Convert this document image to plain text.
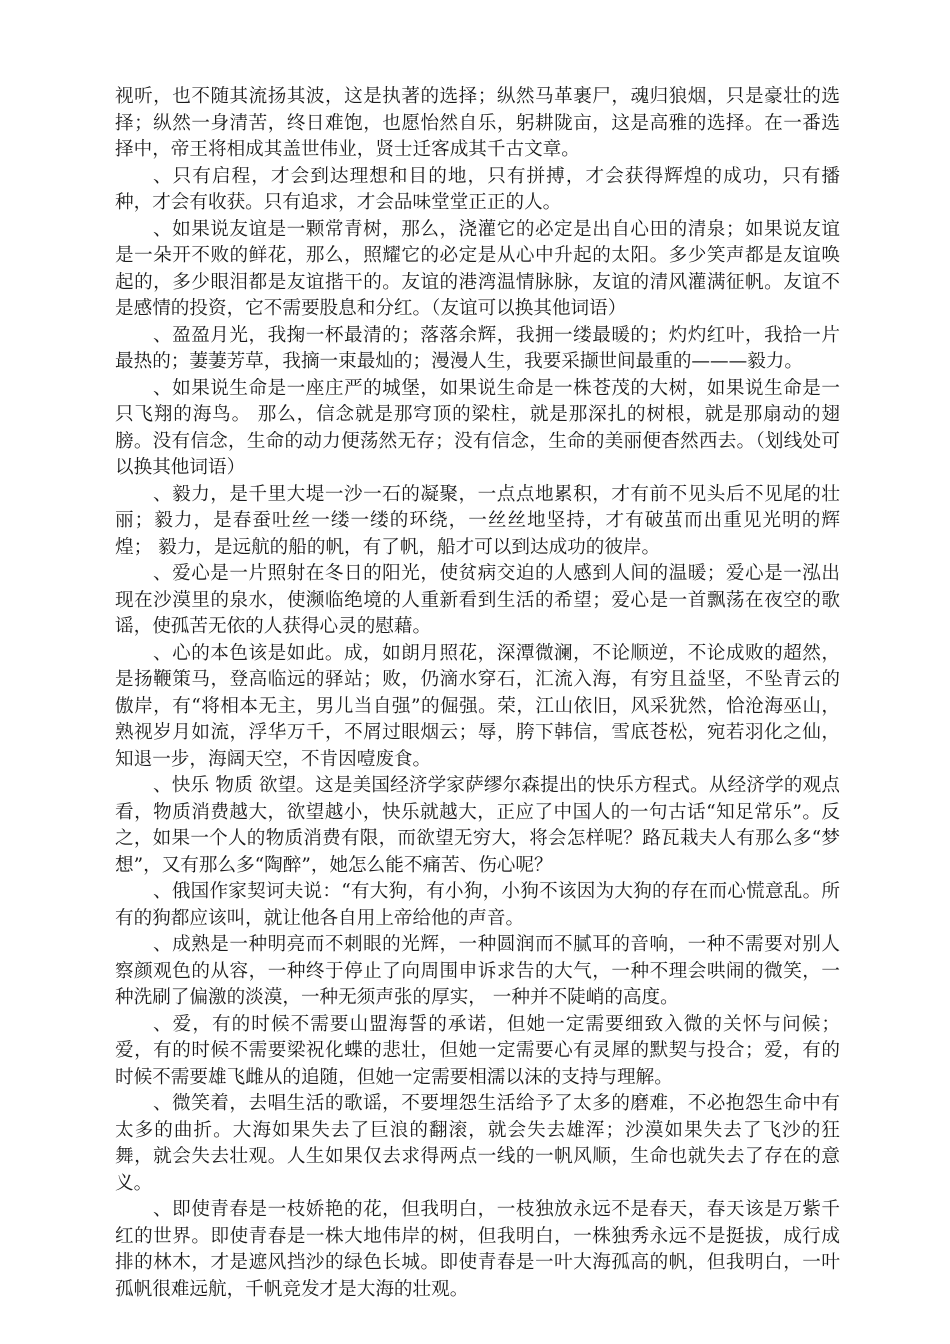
视听，也不随其流扬其波，这是执著的选择；纵然马革裹尸，魂归狼烟，只是豪壮的选择；纵然一身清苦，终日难饱，也愿怡然自乐，躬耕陇亩，这是高雅的选择。在一番选择中，帝王将相成其盖世伟业，贤士迁客成其千古文章。

、只有启程，才会到达理想和目的地，只有拼搏，才会获得辉煌的成功，只有播种，才会有收获。只有追求，才会品味堂堂正正的人。

、如果说友谊是一颗常青树，那么，浇灌它的必定是出自心田的清泉；如果说友谊是一朵开不败的鲜花，那么，照耀它的必定是从心中升起的太阳。多少笑声都是友谊唤起的，多少眼泪都是友谊揩干的。友谊的港湾温情脉脉，友谊的清风灌满征帆。友谊不是感情的投资，它不需要股息和分红。（友谊可以换其他词语）

、盈盈月光，我掬一杯最清的；落落余辉，我拥一缕最暖的；灼灼红叶，我拾一片最热的；萋萋芳草，我摘一束最灿的；漫漫人生，我要采撷世间最重的———毅力。

、如果说生命是一座庄严的城堡，如果说生命是一株苍茂的大树，如果说生命是一只飞翔的海鸟。 那么，信念就是那穹顶的梁柱，就是那深扎的树根，就是那扇动的翅膀。没有信念，生命的动力便荡然无存；没有信念，生命的美丽便杳然西去。（划线处可以换其他词语）

、毅力，是千里大堤一沙一石的凝聚，一点点地累积，才有前不见头后不见尾的壮丽；毅力，是春蚕吐丝一缕一缕的环绕，一丝丝地坚持，才有破茧而出重见光明的辉煌； 毅力，是远航的船的帆，有了帆，船才可以到达成功的彼岸。

、爱心是一片照射在冬日的阳光，使贫病交迫的人感到人间的温暖；爱心是一泓出现在沙漠里的泉水，使濒临绝境的人重新看到生活的希望；爱心是一首飘荡在夜空的歌谣，使孤苦无依的人获得心灵的慰藉。

、心的本色该是如此。成，如朗月照花，深潭微澜，不论顺逆，不论成败的超然，是扬鞭策马，登高临远的驿站；败，仍滴水穿石，汇流入海，有穷且益坚，不坠青云的傲岸，有“将相本无主，男儿当自强”的倔强。荣，江山依旧，风采犹然，恰沧海巫山，熟视岁月如流，浮华万千，不屑过眼烟云；辱，胯下韩信，雪底苍松，宛若羽化之仙，知退一步，海阔天空，不肯因噎废食。

、快乐 物质 欲望。这是美国经济学家萨缪尔森提出的快乐方程式。从经济学的观点看，物质消费越大，欲望越小，快乐就越大，正应了中国人的一句古话“知足常乐”。反之，如果一个人的物质消费有限，而欲望无穷大，将会怎样呢？路瓦栽夫人有那么多“梦想”，又有那么多“陶醉”，她怎么能不痛苦、伤心呢？

、俄国作家契诃夫说：“有大狗，有小狗，小狗不该因为大狗的存在而心慌意乱。所有的狗都应该叫，就让他各自用上帝给他的声音。

、成熟是一种明亮而不刺眼的光辉，一种圆润而不腻耳的音响，一种不需要对别人察颜观色的从容，一种终于停止了向周围申诉求告的大气，一种不理会哄闹的微笑，一种洗刷了偏激的淡漠，一种无须声张的厚实， 一种并不陡峭的高度。

、爱，有的时候不需要山盟海誓的承诺，但她一定需要细致入微的关怀与问候；爱，有的时候不需要梁祝化蝶的悲壮，但她一定需要心有灵犀的默契与投合；爱，有的时候不需要雄飞雌从的追随，但她一定需要相濡以沫的支持与理解。

、微笑着，去唱生活的歌谣，不要埋怨生活给予了太多的磨难，不必抱怨生命中有太多的曲折。大海如果失去了巨浪的翻滚，就会失去雄浑；沙漠如果失去了飞沙的狂舞，就会失去壮观。人生如果仅去求得两点一线的一帆风顺，生命也就失去了存在的意义。

、即使青春是一枝娇艳的花，但我明白，一枝独放永远不是春天，春天该是万紫千红的世界。即使青春是一株大地伟岸的树，但我明白，一株独秀永远不是挺拔，成行成排的林木，才是遮风挡沙的绿色长城。即使青春是一叶大海孤高的帆，但我明白，一叶孤帆很难远航，千帆竞发才是大海的壮观。
